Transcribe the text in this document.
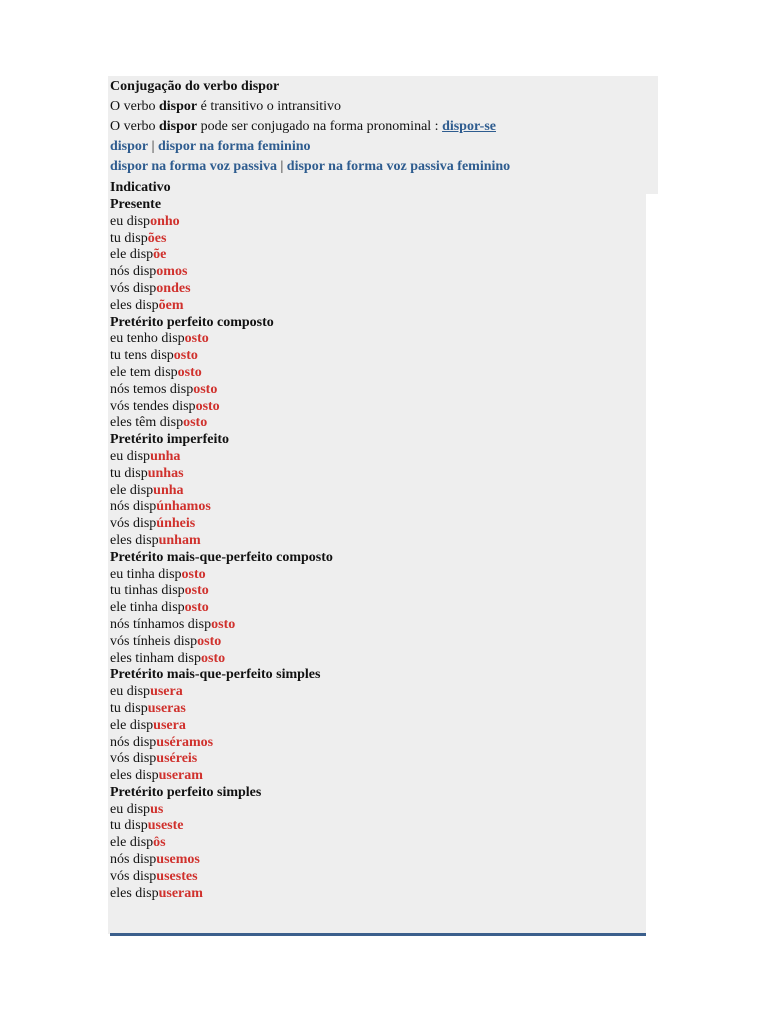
Conjugação do verbo dispor
O verbo dispor é transitivo o intransitivo
O verbo dispor pode ser conjugado na forma pronominal : dispor-se
dispor | dispor na forma feminino
dispor na forma voz passiva | dispor na forma voz passiva feminino
Indicativo
Presente
eu disponho
tu dispões
ele dispõe
nós dispomos
vós dispondes
eles dispõem
Pretérito perfeito composto
eu tenho disposto
tu tens disposto
ele tem disposto
nós temos disposto
vós tendes disposto
eles têm disposto
Pretérito imperfeito
eu dispunha
tu dispunhas
ele dispunha
nós dispúnhamos
vós dispúnheis
eles dispunham
Pretérito mais-que-perfeito composto
eu tinha disposto
tu tinhas disposto
ele tinha disposto
nós tínhamos disposto
vós tínheis disposto
eles tinham disposto
Pretérito mais-que-perfeito simples
eu dispusera
tu dispuseras
ele dispusera
nós dispuséramos
vós dispuséreis
eles dispuseram
Pretérito perfeito simples
eu dispus
tu dispuseste
ele dispôs
nós dispusemos
vós dispusestes
eles dispuseram
